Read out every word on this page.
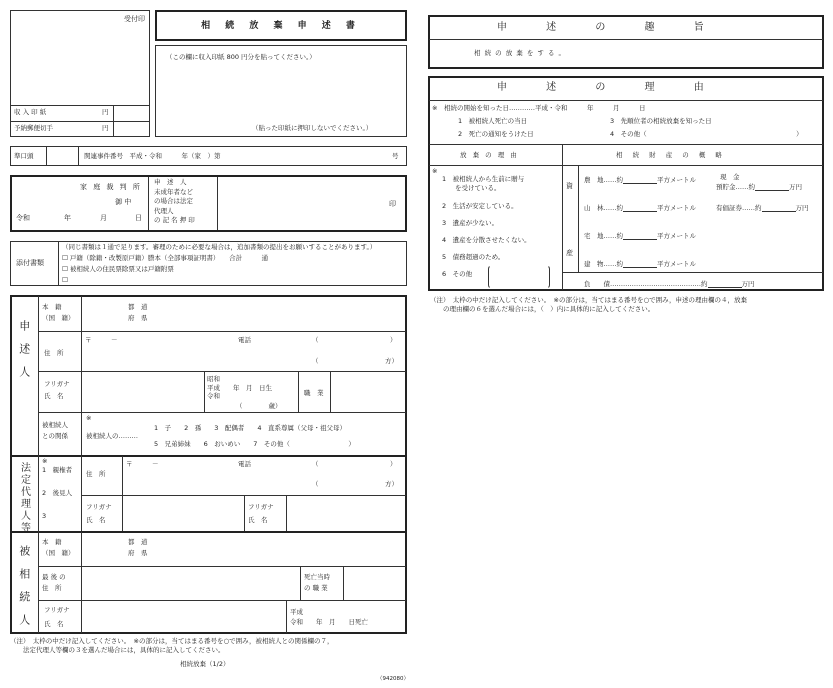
受付印
収 入 印 紙	円
予納郵便切手	円
相 続 放 棄 申 述 書
（この欄に収入印紙 800 円分を貼ってください。）
（貼った印紙に押印しないでください。）
準口頭	関連事件番号　平成・令和　　　年（家　）第	号
家 庭 裁 判 所
御 中
令和	年	月	日
申　述　人
未成年者など
の場合は法定
代理人
の 記 名 押 印
印
添付書類
（同じ書類は１通で足ります。審理のために必要な場合は，追加書類の提出をお願いすることがあります。）
☐ 戸籍（除籍・改製原戸籍）謄本（全部事項証明書）　　合計　　　通
☐ 被相続人の住民票除票又は戸籍附票
☐
申述人
本　籍
（国　籍）
都　道
府　県
住　所
〒　　　－	電話	（	）
（	方）
フリガナ
氏　名
昭和
平成　　年　月　日生
令和
（　　　　歳）
職　業
被相続人
との関係
※
被相続人の………
1　子　　2　孫　　3　配偶者　　4　直系尊属（父母・祖父母）
5　兄弟姉妹　　6　おいめい　　7　その他（　　　　　　　　　）
法定代理人等
※
1　親権者
2　後見人
3
住　所
〒　　　－	電話	（	）
（	方）
フリガナ
氏　名
フリガナ
氏　名
被相続人
本　籍
（国　籍）
都　道
府　県
最 後 の
住　所
死亡当時
の 職 業
フリガナ
氏　名
平成
令和　　年　月　　日死亡
（注）　太枠の中だけ記入してください。　※の部分は，当てはまる番号を○で囲み，被相続人との関係欄の７，
　　法定代理人等欄の３を選んだ場合には，具体的に記入してください。
相続放棄（1/2）
（942080）
申 述 の 趣 旨
相 続 の 放 棄 を す る 。
申 述 の 理 由
※ 相続の開始を知った日…………平成・令和　　　年　　　月　　　日
1　被相続人死亡の当日	3　先順位者の相続放棄を知った日
2　死亡の通知をうけた日	4　その他（　　　　　　　　　　　　　　　　　　　　　　　）
放 棄 の 理 由	相 続 財 産 の 概 略
※
1　被相続人から生前に贈与
　　を受けている。
2　生活が安定している。
3　遺産が少ない。
4　遺産を分散させたくない。
5　債務超過のため。
6　その他
資
産
農　地……約	平方メートル
山　林……約	平方メートル
宅　地……約	平方メートル
建　物……約	平方メートル
現　金
預貯金……約	万円
有価証券……約	万円
負　　債……………………………………約	万円
（注）　太枠の中だけ記入してください。　※の部分は，当てはまる番号を○で囲み，申述の理由欄の４，放棄
　　の理由欄の６を選んだ場合には，（　）内に具体的に記入してください。
